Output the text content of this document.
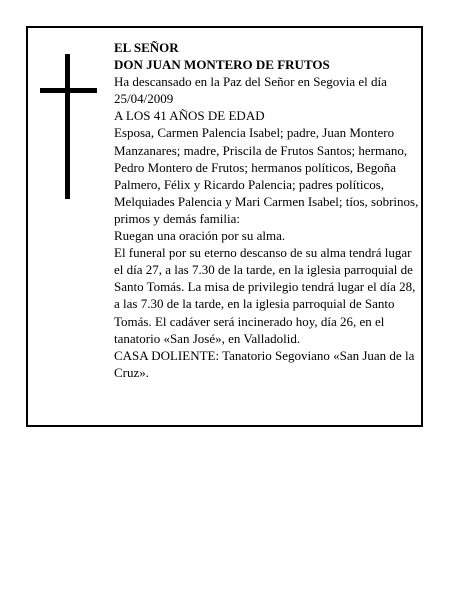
EL SEÑOR

DON JUAN MONTERO DE FRUTOS

Ha descansado en la Paz del Señor en Segovia el día 25/04/2009

A LOS 41 AÑOS DE EDAD

Esposa, Carmen Palencia Isabel; padre, Juan Montero Manzanares; madre, Priscila de Frutos Santos; hermano, Pedro Montero de Frutos; hermanos políticos, Begoña Palmero, Félix y Ricardo Palencia; padres políticos, Melquiades Palencia y Mari Carmen Isabel; tíos, sobrinos, primos y demás familia:

Ruegan una oración por su alma.

El funeral por su eterno descanso de su alma tendrá lugar el día 27, a las 7.30 de la tarde, en la iglesia parroquial de Santo Tomás. La misa de privilegio tendrá lugar el día 28, a las 7.30 de la tarde, en la iglesia parroquial de Santo Tomás. El cadáver será incinerado hoy, día 26, en el tanatorio «San José», en Valladolid.

CASA DOLIENTE: Tanatorio Segoviano «San Juan de la Cruz».
